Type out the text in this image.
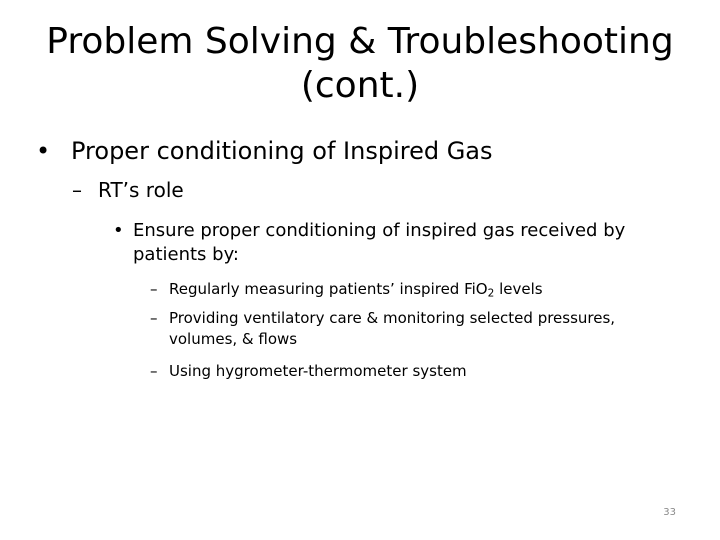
Problem Solving & Troubleshooting
(cont.)
• Proper conditioning of Inspired Gas
– RT’s role
• Ensure proper conditioning of inspired gas received by patients by:
– Regularly measuring patients’ inspired FiO$_2$ levels
– Providing ventilatory care & monitoring selected pressures, volumes, & flows
– Using hygrometer-thermometer system
33
